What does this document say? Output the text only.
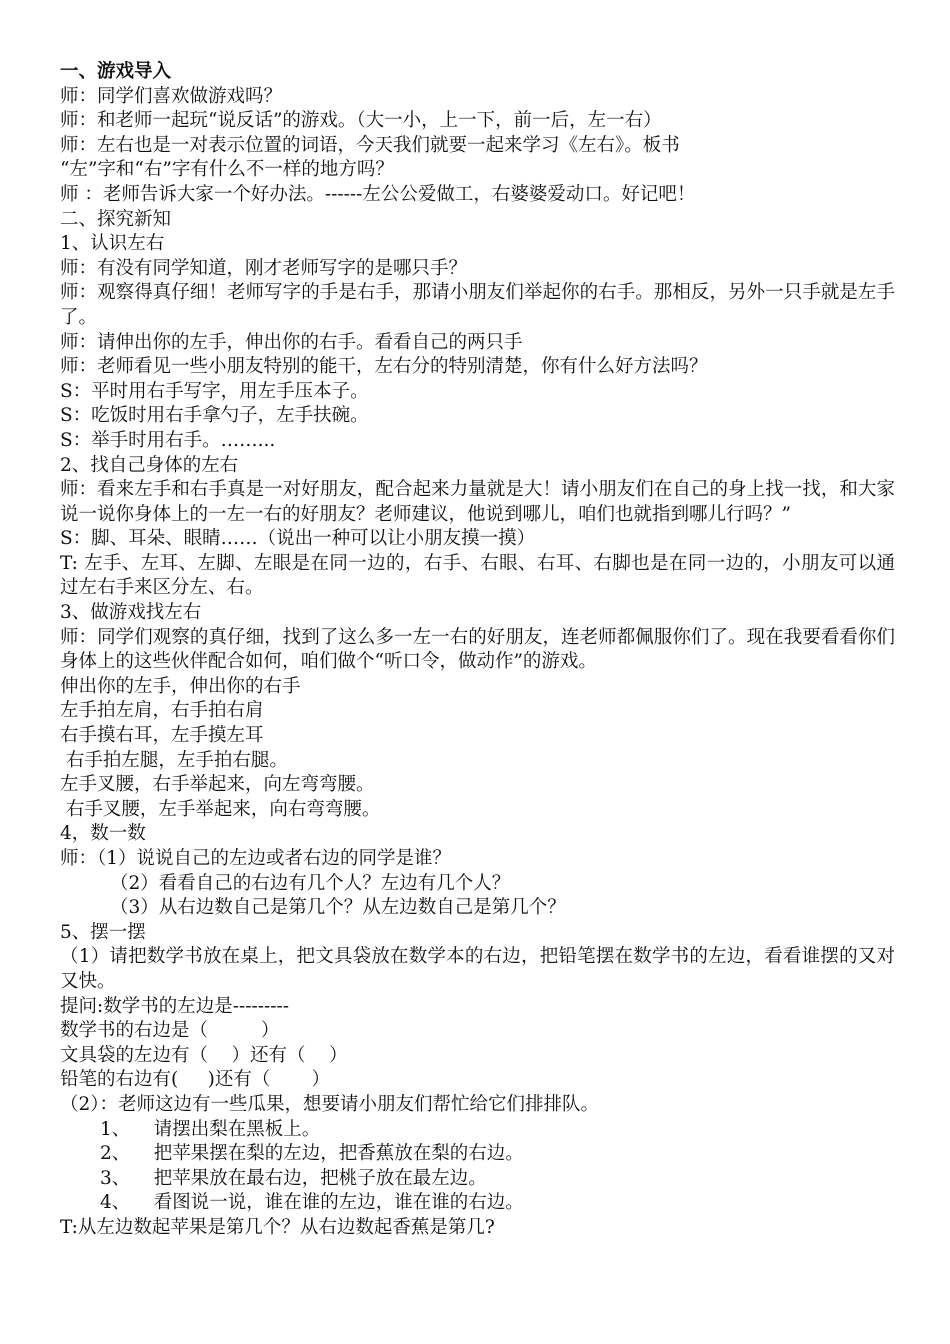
一、游戏导入

师：同学们喜欢做游戏吗？

师：和老师一起玩“说反话”的游戏。（大一小，上一下，前一后，左一右）

师：左右也是一对表示位置的词语，今天我们就要一起来学习《左右》。板书

“左”字和“右”字有什么不一样的地方吗？

师 ：老师告诉大家一个好办法。------左公公爱做工，右婆婆爱动口。好记吧！

二、探究新知

1、认识左右

师：有没有同学知道，刚才老师写字的是哪只手？

师：观察得真仔细！老师写字的手是右手，那请小朋友们举起你的右手。那相反，另外一只手就是左手了。

师：请伸出你的左手，伸出你的右手。看看自己的两只手

师：老师看见一些小朋友特别的能干，左右分的特别清楚，你有什么好方法吗？

S：平时用右手写字，用左手压本子。

S：吃饭时用右手拿勺子，左手扶碗。

S：举手时用右手。……...

2、找自己身体的左右

师：看来左手和右手真是一对好朋友，配合起来力量就是大！请小朋友们在自己的身上找一找，和大家说一说你身体上的一左一右的好朋友？老师建议，他说到哪儿，咱们也就指到哪儿行吗？”

S：脚、耳朵、眼睛……（说出一种可以让小朋友摸一摸）

T: 左手、左耳、左脚、左眼是在同一边的，右手、右眼、右耳、右脚也是在同一边的，小朋友可以通过左右手来区分左、右。

3、做游戏找左右

师：同学们观察的真仔细，找到了这么多一左一右的好朋友，连老师都佩服你们了。现在我要看看你们身体上的这些伙伴配合如何，咱们做个“听口令，做动作”的游戏。

伸出你的左手，伸出你的右手

左手拍左肩，右手拍右肩

右手摸右耳，左手摸左耳

右手拍左腿，左手拍右腿。

左手叉腰，右手举起来，向左弯弯腰。

右手叉腰，左手举起来，向右弯弯腰。

4，数一数

师：（1）说说自己的左边或者右边的同学是谁？

（2）看看自己的右边有几个人？左边有几个人？

（3）从右边数自己是第几个？从左边数自己是第几个？

5、摆一摆

（1）请把数学书放在桌上，把文具袋放在数学本的右边，把铅笔摆在数学书的左边，看看谁摆的又对又快。

提问:数学书的左边是---------

数学书的右边是（         ）

文具袋的左边有（    ）还有（    ）

铅笔的右边有(     )还有（       ）

（2）：老师这边有一些瓜果，想要请小朋友们帮忙给它们排排队。

1、    请摆出梨在黑板上。

2、    把苹果摆在梨的左边，把香蕉放在梨的右边。

3、    把苹果放在最右边，把桃子放在最左边。

4、    看图说一说，谁在谁的左边，谁在谁的右边。

T:从左边数起苹果是第几个？从右边数起香蕉是第几?
